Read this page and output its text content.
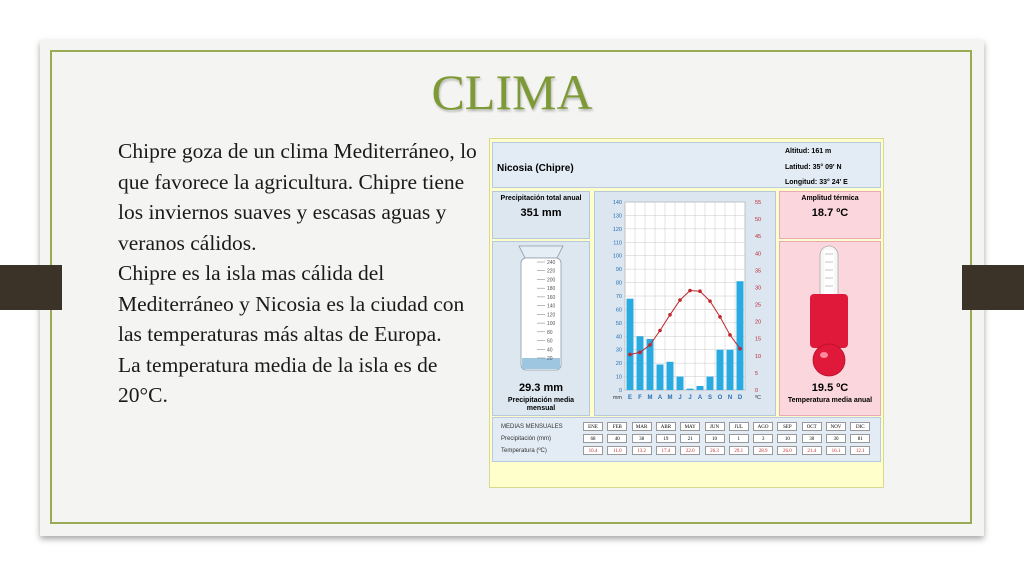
CLIMA

Chipre goza de un clima Mediterráneo, lo que favorece la agricultura. Chipre tiene los inviernos suaves y escasas aguas y veranos cálidos.

Chipre es la isla mas cálida del Mediterráneo y Nicosia es la ciudad con las temperaturas más altas de Europa.

La temperatura media de la isla es de 20°C.

Nicosia (Chipre)
Altitud: 161 m
Latitud: 35° 09' N
Longitud: 33° 24' E
Precipitación total anual
351 mm
20
40
60
80
100
120
140
160
180
200
220
240
29.3 mm
Precipitación media mensual
0
10
20
30
40
50
60
70
80
90
100
110
120
130
140
0
5
10
15
20
25
30
35
40
45
50
55
E F M A M J J A S O N D
mm	ºC
Amplitud térmica
18.7 ºC
19.5 ºC
Temperatura media anual
MEDIAS MENSUALES
Precipitación (mm)
Temperatura (ºC)
ENE
68
10.4
FEB
40
11.0
MAR
38
13.2
ABR
19
17.4
MAY
21
22.0
JUN
10
26.3
JUL
1
29.1
AGO
3
28.9
SEP
10
26.0
OCT
30
21.4
NOV
30
16.1
DIC
81
12.1
